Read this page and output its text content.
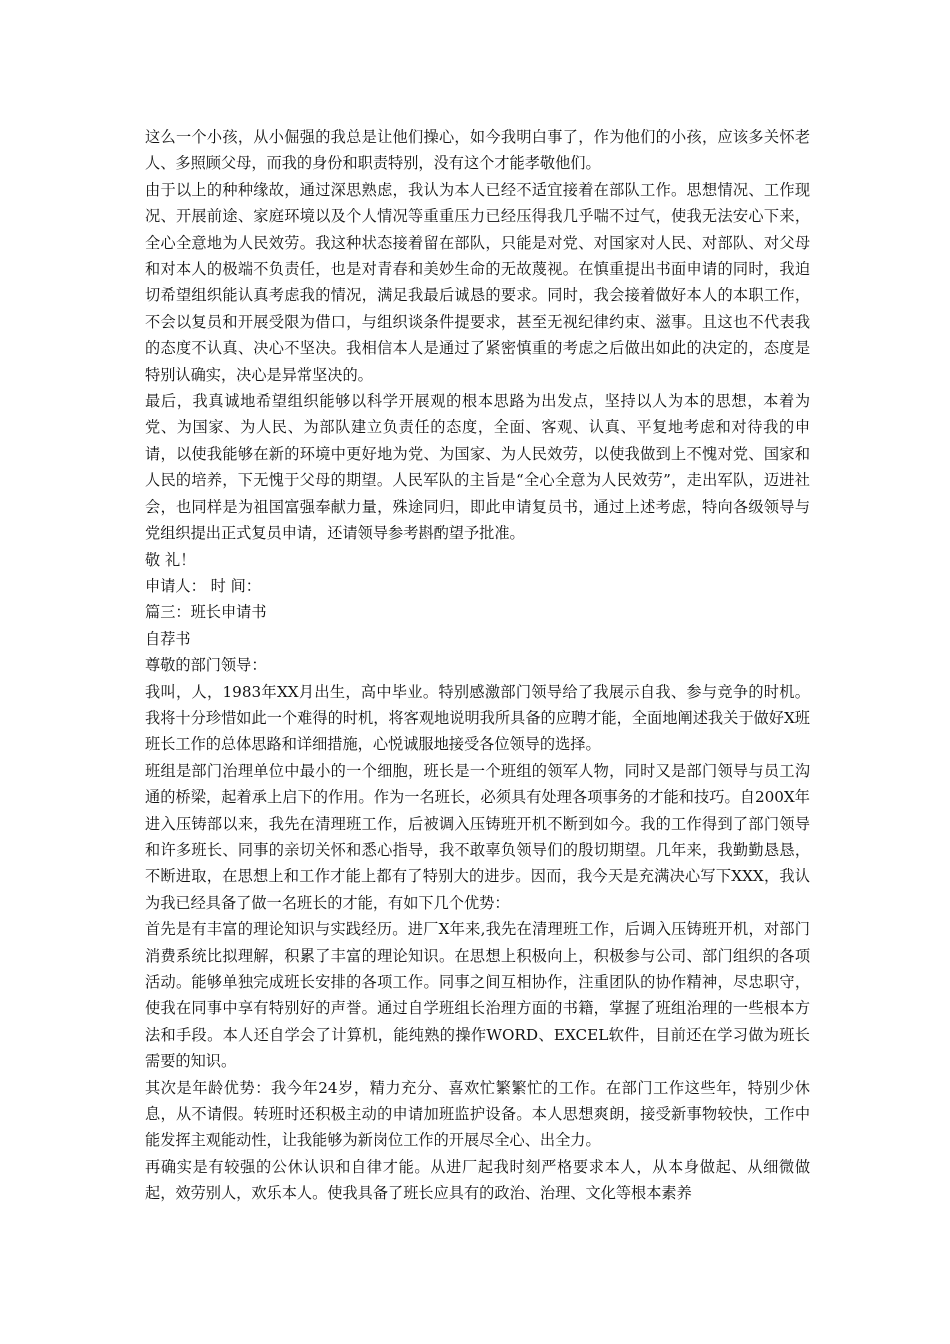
这么一个小孩，从小倔强的我总是让他们操心，如今我明白事了，作为他们的小孩，应该多关怀老人、多照顾父母，而我的身份和职责特别，没有这个才能孝敬他们。

由于以上的种种缘故，通过深思熟虑，我认为本人已经不适宜接着在部队工作。思想情况、工作现况、开展前途、家庭环境以及个人情况等重重压力已经压得我几乎喘不过气，使我无法安心下来，全心全意地为人民效劳。我这种状态接着留在部队，只能是对党、对国家对人民、对部队、对父母和对本人的极端不负责任，也是对青春和美妙生命的无故蔑视。在慎重提出书面申请的同时，我迫切希望组织能认真考虑我的情况，满足我最后诚恳的要求。同时，我会接着做好本人的本职工作，不会以复员和开展受限为借口，与组织谈条件提要求，甚至无视纪律约束、滋事。且这也不代表我的态度不认真、决心不坚决。我相信本人是通过了紧密慎重的考虑之后做出如此的决定的，态度是特别认确实，决心是异常坚决的。

最后，我真诚地希望组织能够以科学开展观的根本思路为出发点，坚持以人为本的思想，本着为党、为国家、为人民、为部队建立负责任的态度，全面、客观、认真、平复地考虑和对待我的申请，以使我能够在新的环境中更好地为党、为国家、为人民效劳，以使我做到上不愧对党、国家和人民的培养，下无愧于父母的期望。人民军队的主旨是“全心全意为人民效劳”，走出军队，迈进社会，也同样是为祖国富强奉献力量，殊途同归，即此申请复员书，通过上述考虑，特向各级领导与党组织提出正式复员申请，还请领导参考斟酌望予批准。

敬 礼！

申请人： 时 间：

篇三：班长申请书

自荐书

尊敬的部门领导：

我叫，人，1983年XX月出生，高中毕业。特别感激部门领导给了我展示自我、参与竞争的时机。我将十分珍惜如此一个难得的时机，将客观地说明我所具备的应聘才能，全面地阐述我关于做好X班班长工作的总体思路和详细措施，心悦诚服地接受各位领导的选择。

班组是部门治理单位中最小的一个细胞，班长是一个班组的领军人物，同时又是部门领导与员工沟通的桥梁，起着承上启下的作用。作为一名班长，必须具有处理各项事务的才能和技巧。自200X年进入压铸部以来，我先在清理班工作，后被调入压铸班开机不断到如今。我的工作得到了部门领导和许多班长、同事的亲切关怀和悉心指导，我不敢辜负领导们的殷切期望。几年来，我勤勤恳恳，不断进取，在思想上和工作才能上都有了特别大的进步。因而，我今天是充满决心写下XXX，我认为我已经具备了做一名班长的才能，有如下几个优势：

首先是有丰富的理论知识与实践经历。进厂X年来,我先在清理班工作，后调入压铸班开机，对部门消费系统比拟理解，积累了丰富的理论知识。在思想上积极向上，积极参与公司、部门组织的各项活动。能够单独完成班长安排的各项工作。同事之间互相协作，注重团队的协作精神，尽忠职守，使我在同事中享有特别好的声誉。通过自学班组长治理方面的书籍，掌握了班组治理的一些根本方法和手段。本人还自学会了计算机，能纯熟的操作WORD、EXCEL软件，目前还在学习做为班长需要的知识。

其次是年龄优势：我今年24岁，精力充分、喜欢忙繁繁忙的工作。在部门工作这些年，特别少休息，从不请假。转班时还积极主动的申请加班监护设备。本人思想爽朗，接受新事物较快，工作中能发挥主观能动性，让我能够为新岗位工作的开展尽全心、出全力。

再确实是有较强的公休认识和自律才能。从进厂起我时刻严格要求本人，从本身做起、从细微做起，效劳别人，欢乐本人。使我具备了班长应具有的政治、治理、文化等根本素养
